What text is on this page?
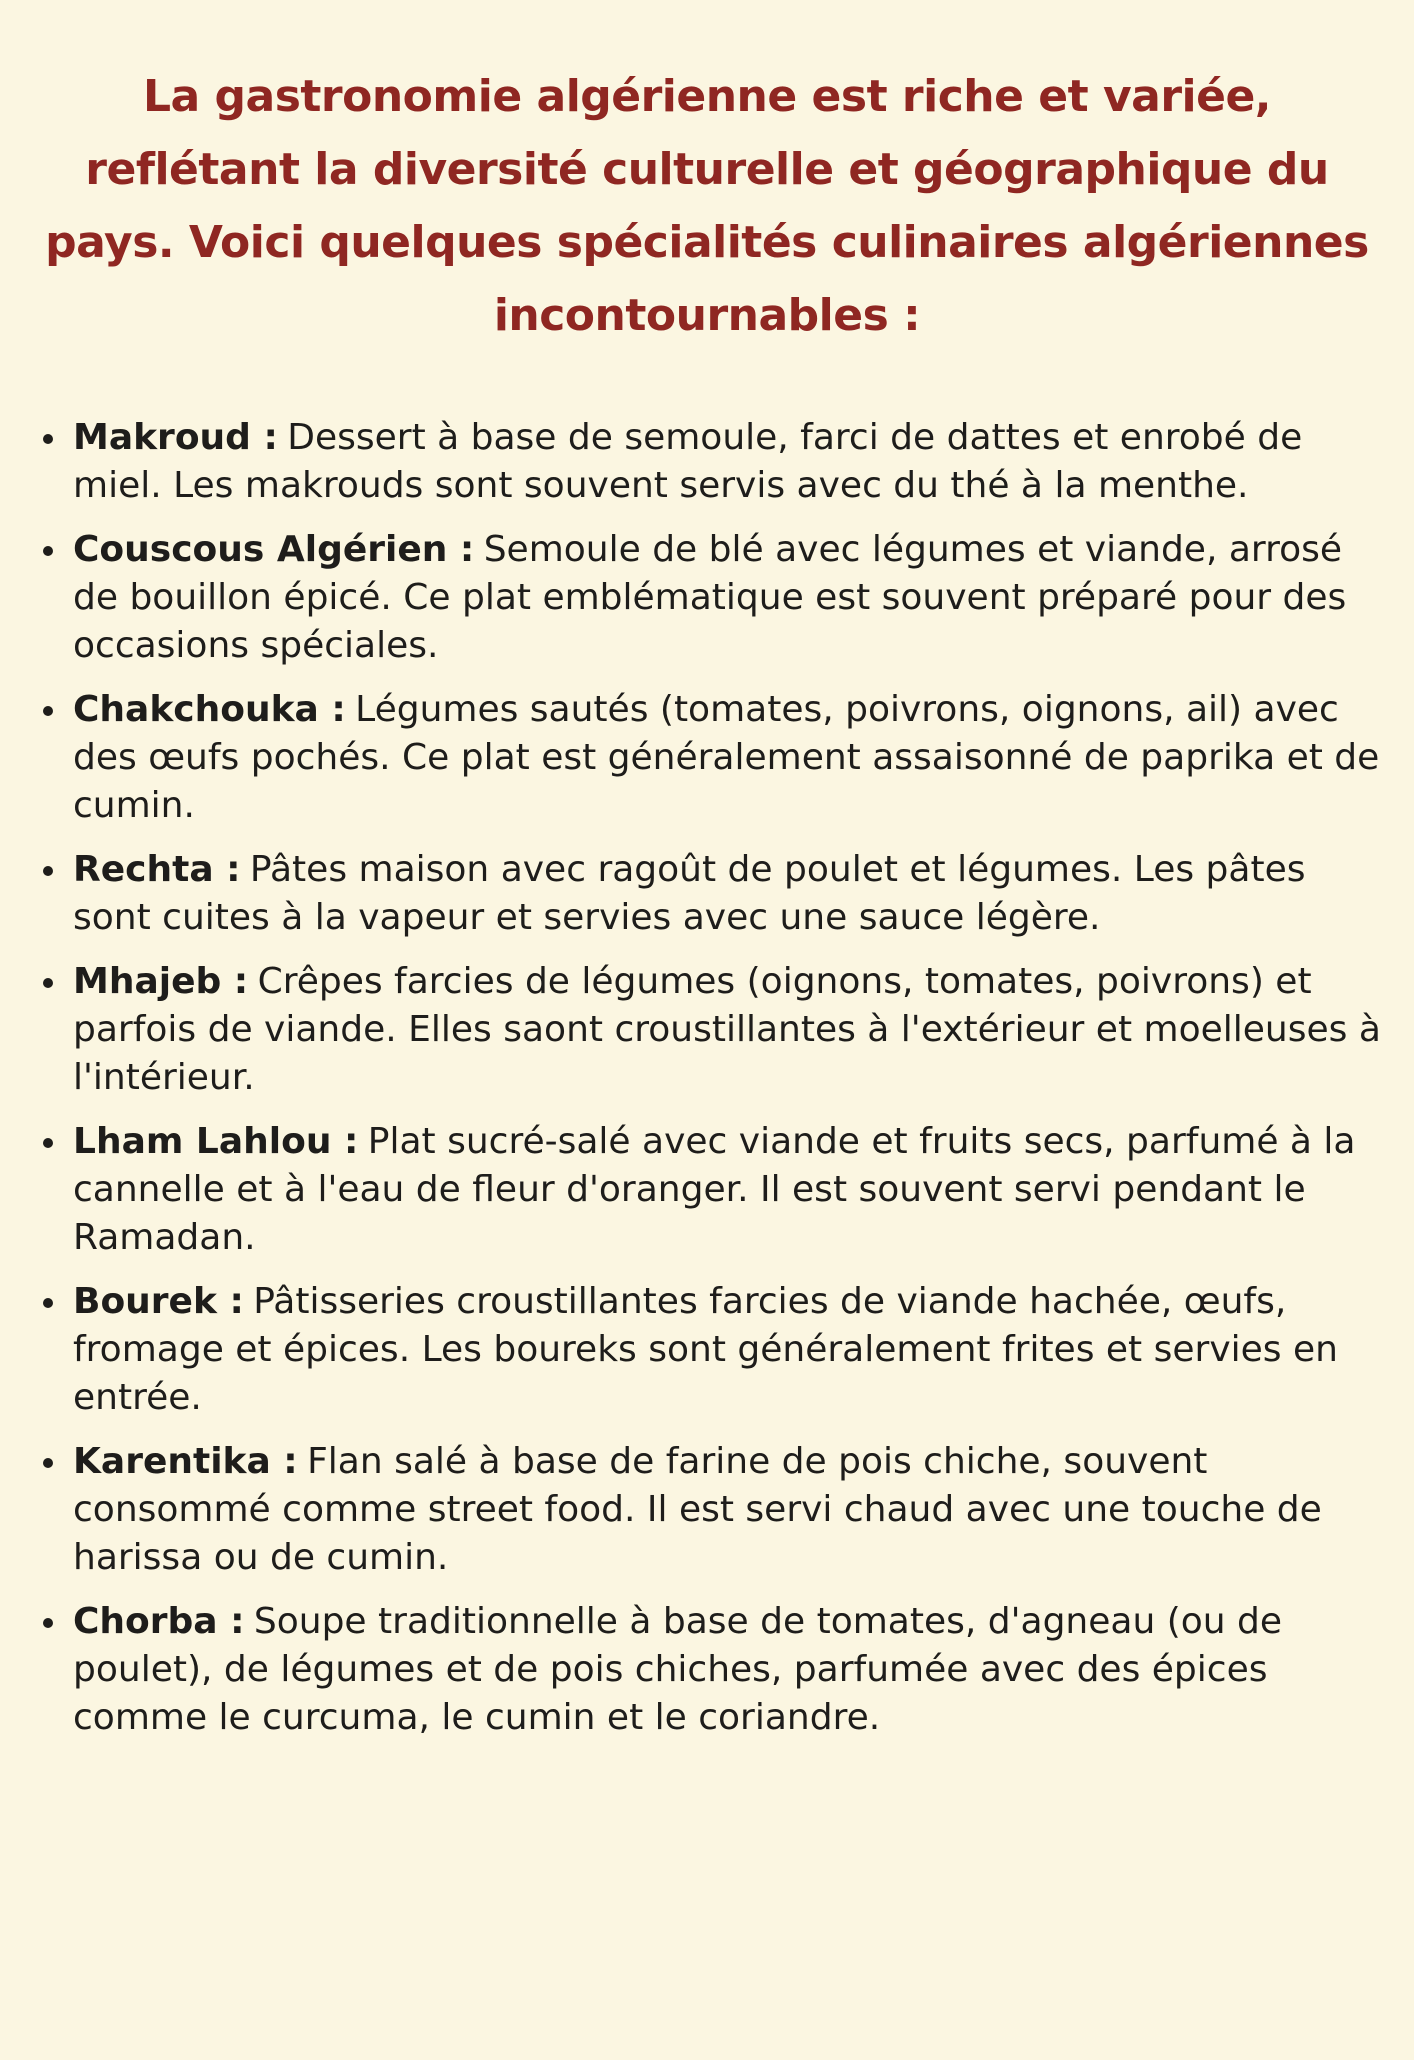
La gastronomie algérienne est riche et variée,
reflétant la diversité culturelle et géographique du
pays. Voici quelques spécialités culinaires algériennes
incontournables :
• Makroud : Dessert à base de semoule, farci de dattes et enrobé de miel. Les makrouds sont souvent servis avec du thé à la menthe.
• Couscous Algérien : Semoule de blé avec légumes et viande, arrosé de bouillon épicé. Ce plat emblématique est souvent préparé pour des occasions spéciales.
• Chakchouka : Légumes sautés (tomates, poivrons, oignons, ail) avec des œufs pochés. Ce plat est généralement assaisonné de paprika et de cumin.
• Rechta : Pâtes maison avec ragoût de poulet et légumes. Les pâtes sont cuites à la vapeur et servies avec une sauce légère.
• Mhajeb : Crêpes farcies de légumes (oignons, tomates, poivrons) et parfois de viande. Elles saont croustillantes à l'extérieur et moelleuses à l'intérieur.
• Lham Lahlou : Plat sucré-salé avec viande et fruits secs, parfumé à la cannelle et à l'eau de fleur d'oranger. Il est souvent servi pendant le Ramadan.
• Bourek : Pâtisseries croustillantes farcies de viande hachée, œufs, fromage et épices. Les boureks sont généralement frites et servies en entrée.
• Karentika : Flan salé à base de farine de pois chiche, souvent consommé comme street food. Il est servi chaud avec une touche de harissa ou de cumin.
• Chorba : Soupe traditionnelle à base de tomates, d'agneau (ou de poulet), de légumes et de pois chiches, parfumée avec des épices comme le curcuma, le cumin et le coriandre.
